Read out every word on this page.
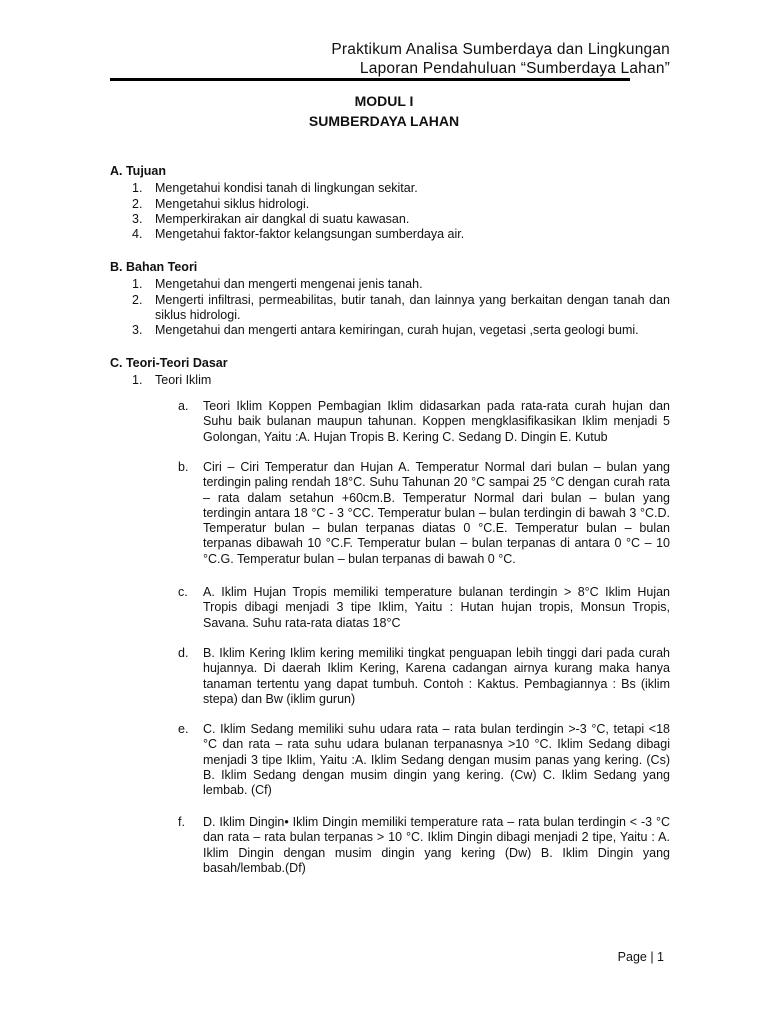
Praktikum Analisa Sumberdaya dan Lingkungan
Laporan Pendahuluan “Sumberdaya Lahan”
MODUL I
SUMBERDAYA LAHAN

A. Tujuan

1. Mengetahui kondisi tanah di lingkungan sekitar.
2. Mengetahui siklus hidrologi.
3. Memperkirakan air dangkal di suatu kawasan.
4. Mengetahui faktor-faktor kelangsungan sumberdaya air.

B. Bahan Teori

1. Mengetahui dan mengerti mengenai jenis tanah.
2. Mengerti infiltrasi, permeabilitas, butir tanah, dan lainnya yang berkaitan dengan tanah dan siklus hidrologi.
3. Mengetahui dan mengerti antara kemiringan, curah hujan, vegetasi ,serta geologi bumi.

C. Teori-Teori Dasar

1. Teori Iklim
a. Teori Iklim Koppen Pembagian Iklim didasarkan pada rata-rata curah hujan dan Suhu baik bulanan maupun tahunan. Koppen mengklasifikasikan Iklim menjadi 5 Golongan, Yaitu :A. Hujan Tropis B. Kering C. Sedang D. Dingin E. Kutub
b. Ciri – Ciri Temperatur dan Hujan A. Temperatur Normal dari bulan – bulan yang terdingin paling rendah 18°C. Suhu Tahunan 20 °C sampai 25 °C dengan curah rata – rata dalam setahun +60cm.B. Temperatur Normal dari bulan – bulan yang terdingin antara 18 °C - 3 °CC. Temperatur bulan – bulan terdingin di bawah 3 °C.D. Temperatur bulan – bulan terpanas diatas 0 °C.E. Temperatur bulan – bulan terpanas dibawah 10 °C.F. Temperatur bulan – bulan terpanas di antara 0 °C – 10 °C.G. Temperatur bulan – bulan terpanas di bawah 0 °C.
c. A. Iklim Hujan Tropis memiliki temperature bulanan terdingin > 8°C Iklim Hujan Tropis dibagi menjadi 3 tipe Iklim, Yaitu : Hutan hujan tropis, Monsun Tropis, Savana. Suhu rata-rata diatas 18°C
d. B. Iklim Kering Iklim kering memiliki tingkat penguapan lebih tinggi dari pada curah hujannya. Di daerah Iklim Kering, Karena cadangan airnya kurang maka hanya tanaman tertentu yang dapat tumbuh. Contoh : Kaktus. Pembagiannya : Bs (iklim stepa) dan Bw (iklim gurun)
e. C. Iklim Sedang memiliki suhu udara rata – rata bulan terdingin >-3 °C, tetapi <18 °C dan rata – rata suhu udara bulanan terpanasnya >10 °C. Iklim Sedang dibagi menjadi 3 tipe Iklim, Yaitu :A. Iklim Sedang dengan musim panas yang kering. (Cs) B. Iklim Sedang dengan musim dingin yang kering. (Cw) C. Iklim Sedang yang lembab. (Cf)
f. D. Iklim Dingin• Iklim Dingin memiliki temperature rata – rata bulan terdingin < -3 °C dan rata – rata bulan terpanas > 10 °C. Iklim Dingin dibagi menjadi 2 tipe, Yaitu : A. Iklim Dingin dengan musim dingin yang kering (Dw) B. Iklim Dingin yang basah/lembab.(Df)
Page | 1
